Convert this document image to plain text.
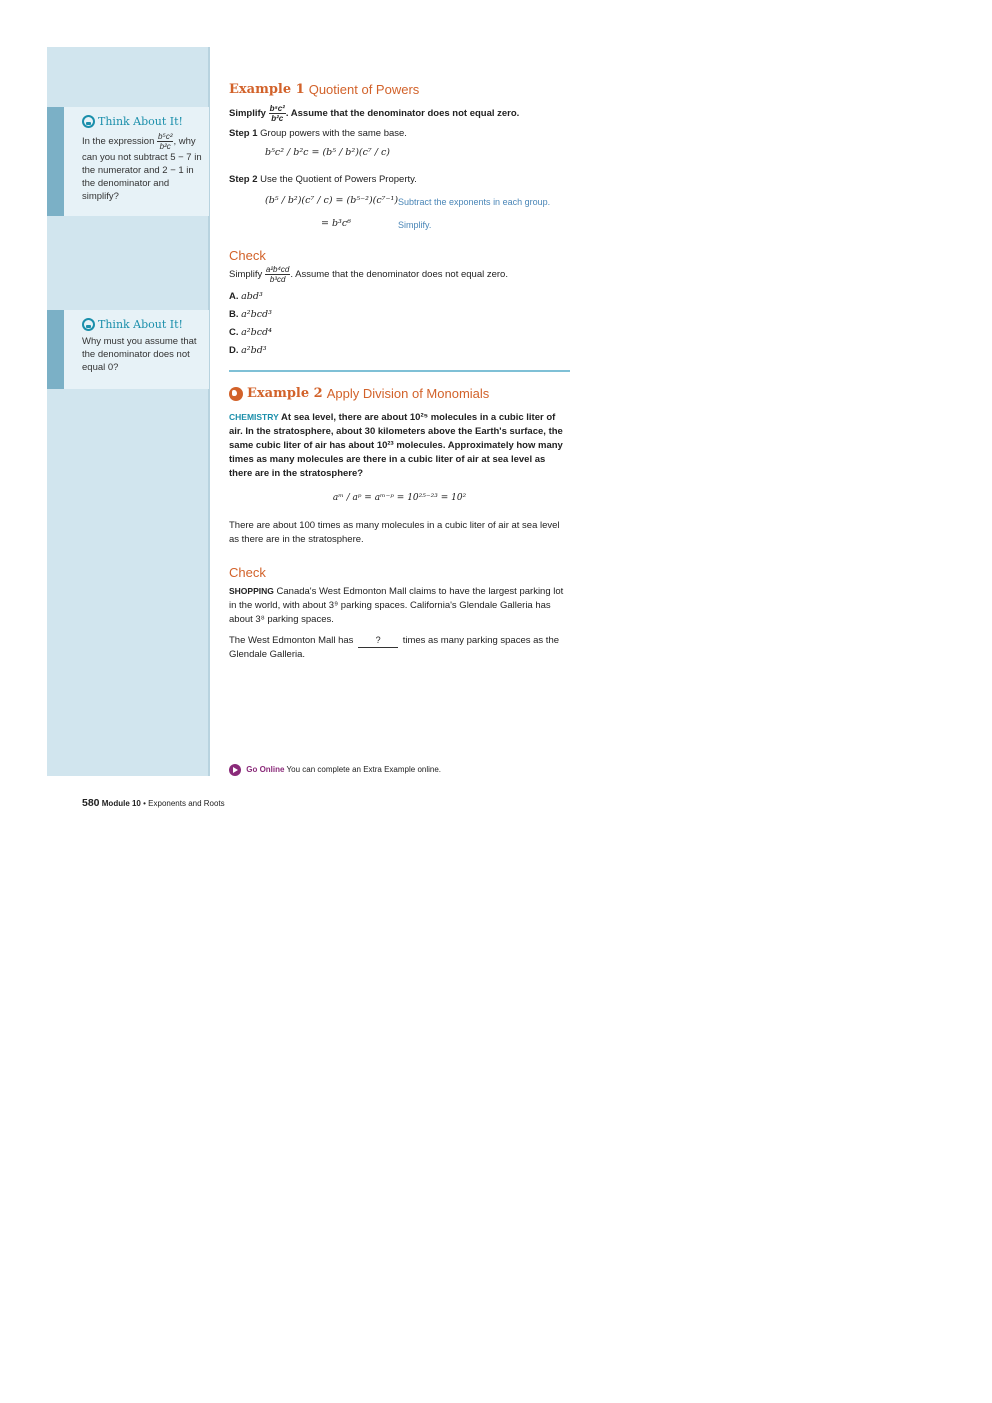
Think About It!
In the expression $\frac{\text{b⁵c²}}{\text{b²c}}$ , why can you not subtract 5 − 7 in the numerator and 2 − 1 in the denominator and simplify?
Think About It!
Why must you assume that the denominator does not equal 0?
Example 1 Quotient of Powers
Simplify $\frac{\text{b⁵c²}}{\text{b²c}}$ . Assume that the denominator does not equal zero.
Step 1 Group powers with the same base.
b⁵c² / b²c = (b⁵ / b²)(c⁷ / c)
Step 2 Use the Quotient of Powers Property.
(b⁵ / b²)(c⁷ / c) = (b⁵⁻²)(c⁷⁻¹) Subtract the exponents in each group.
= b³c⁶	Simplify.
Check
Simplify $\frac{\text{a²b⁴cd}}{\text{b³cd}}$ . Assume that the denominator does not equal zero.
A. abd³
B. a²bcd³
C. a²bcd⁴
D. a²bd³
Example 2 Apply Division of Monomials
CHEMISTRY At sea level, there are about 10²⁵ molecules in a cubic liter of air. In the stratosphere, about 30 kilometers above the Earth's surface, the same cubic liter of air has about 10²³ molecules. Approximately how many times as many molecules are there in a cubic liter of air at sea level as there are in the stratosphere?
aᵐ / aᵖ = aᵐ⁻ᵖ = 10²⁵⁻²³ = 10²
There are about 100 times as many molecules in a cubic liter of air at sea level as there are in the stratosphere.
Check
SHOPPING Canada's West Edmonton Mall claims to have the largest parking lot in the world, with about 3⁹ parking spaces. California's Glendale Galleria has about 3⁸ parking spaces.
The West Edmonton Mall has ? times as many parking spaces as the Glendale Galleria.
Go Online You can complete an Extra Example online.
580 Module 10 • Exponents and Roots
